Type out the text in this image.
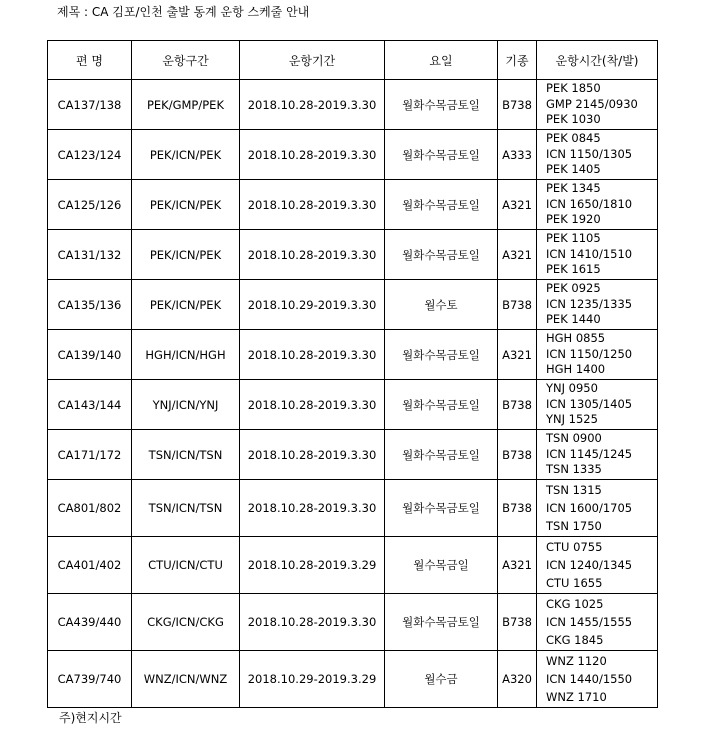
제목 : CA 김포/인천 출발 동계 운항 스케줄 안내
편 명	운항구간	운항기간	요일	기종	운항시간(착/발)
CA137/138	PEK/GMP/PEK	2018.10.28-2019.3.30	월화수목금토일	B738	PEK 1850
GMP 2145/0930
PEK 1030

CA123/124	PEK/ICN/PEK	2018.10.28-2019.3.30	월화수목금토일	A333	PEK 0845
ICN 1150/1305
PEK 1405

CA125/126	PEK/ICN/PEK	2018.10.28-2019.3.30	월화수목금토일	A321	PEK 1345
ICN 1650/1810
PEK 1920

CA131/132	PEK/ICN/PEK	2018.10.28-2019.3.30	월화수목금토일	A321	PEK 1105
ICN 1410/1510
PEK 1615

CA135/136	PEK/ICN/PEK	2018.10.29-2019.3.30	월수토	B738	PEK 0925
ICN 1235/1335
PEK 1440

CA139/140	HGH/ICN/HGH	2018.10.28-2019.3.30	월화수목금토일	A321	HGH 0855
ICN 1150/1250
HGH 1400

CA143/144	YNJ/ICN/YNJ	2018.10.28-2019.3.30	월화수목금토일	B738	YNJ 0950
ICN 1305/1405
YNJ 1525

CA171/172	TSN/ICN/TSN	2018.10.28-2019.3.30	월화수목금토일	B738	TSN 0900
ICN 1145/1245
TSN 1335

CA801/802	TSN/ICN/TSN	2018.10.28-2019.3.30	월화수목금토일	B738	TSN 1315
ICN 1600/1705
TSN 1750

CA401/402	CTU/ICN/CTU	2018.10.28-2019.3.29	월수목금일	A321	CTU 0755
ICN 1240/1345
CTU 1655

CA439/440	CKG/ICN/CKG	2018.10.28-2019.3.30	월화수목금토일	B738	CKG 1025
ICN 1455/1555
CKG 1845

CA739/740	WNZ/ICN/WNZ	2018.10.29-2019.3.29	월수금	A320	WNZ 1120
ICN 1440/1550
WNZ 1710
주)현지시간
